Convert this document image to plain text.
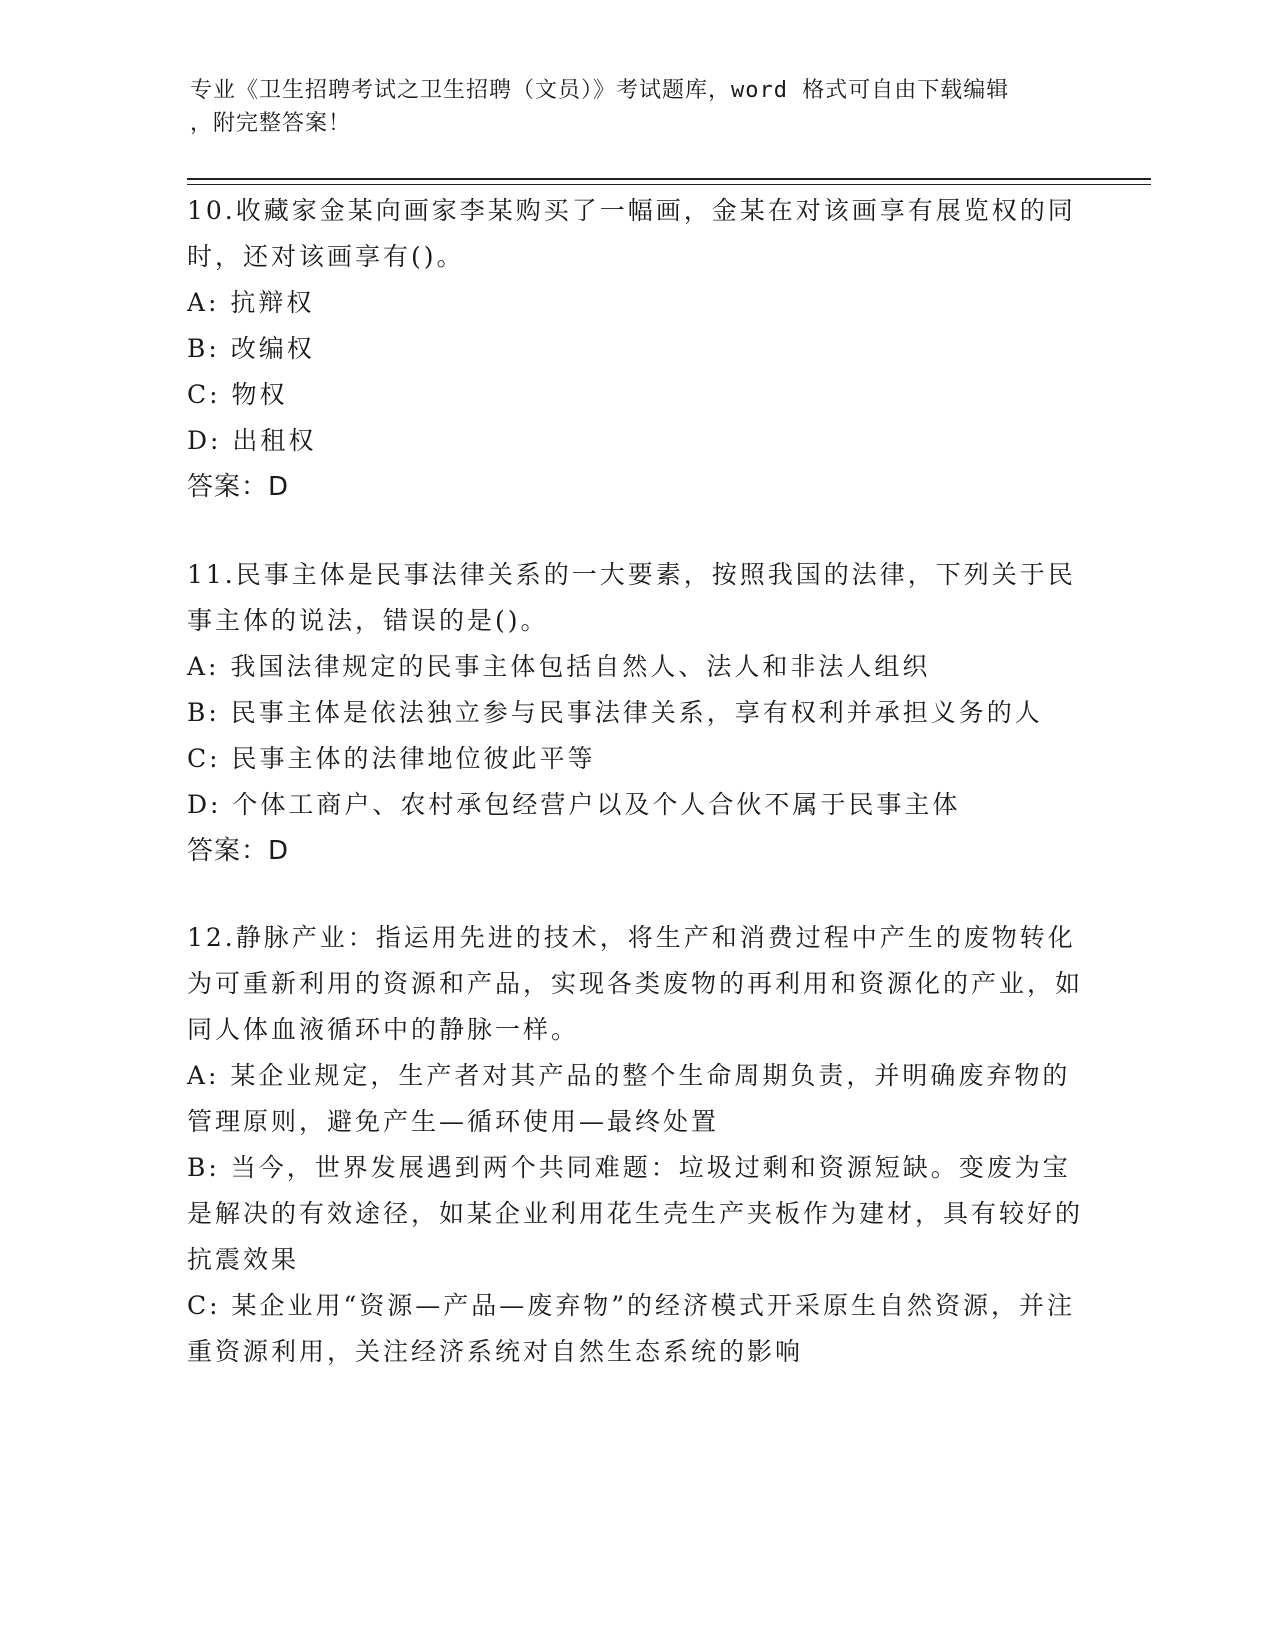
专业《卫生招聘考试之卫生招聘（文员）》考试题库，word 格式可自由下载编辑
，附完整答案！

10.收藏家金某向画家李某购买了一幅画，金某在对该画享有展览权的同时，还对该画享有()。

A: 抗辩权

B: 改编权

C: 物权

D: 出租权

答案：D

11.民事主体是民事法律关系的一大要素，按照我国的法律，下列关于民事主体的说法，错误的是()。

A: 我国法律规定的民事主体包括自然人、法人和非法人组织

B: 民事主体是依法独立参与民事法律关系，享有权利并承担义务的人

C: 民事主体的法律地位彼此平等

D: 个体工商户、农村承包经营户以及个人合伙不属于民事主体

答案：D

12.静脉产业：指运用先进的技术，将生产和消费过程中产生的废物转化为可重新利用的资源和产品，实现各类废物的再利用和资源化的产业，如同人体血液循环中的静脉一样。

A: 某企业规定，生产者对其产品的整个生命周期负责，并明确废弃物的管理原则，避免产生—循环使用—最终处置

B: 当今，世界发展遇到两个共同难题：垃圾过剩和资源短缺。变废为宝是解决的有效途径，如某企业利用花生壳生产夹板作为建材，具有较好的抗震效果

C: 某企业用“资源—产品—废弃物”的经济模式开采原生自然资源，并注重资源利用，关注经济系统对自然生态系统的影响
